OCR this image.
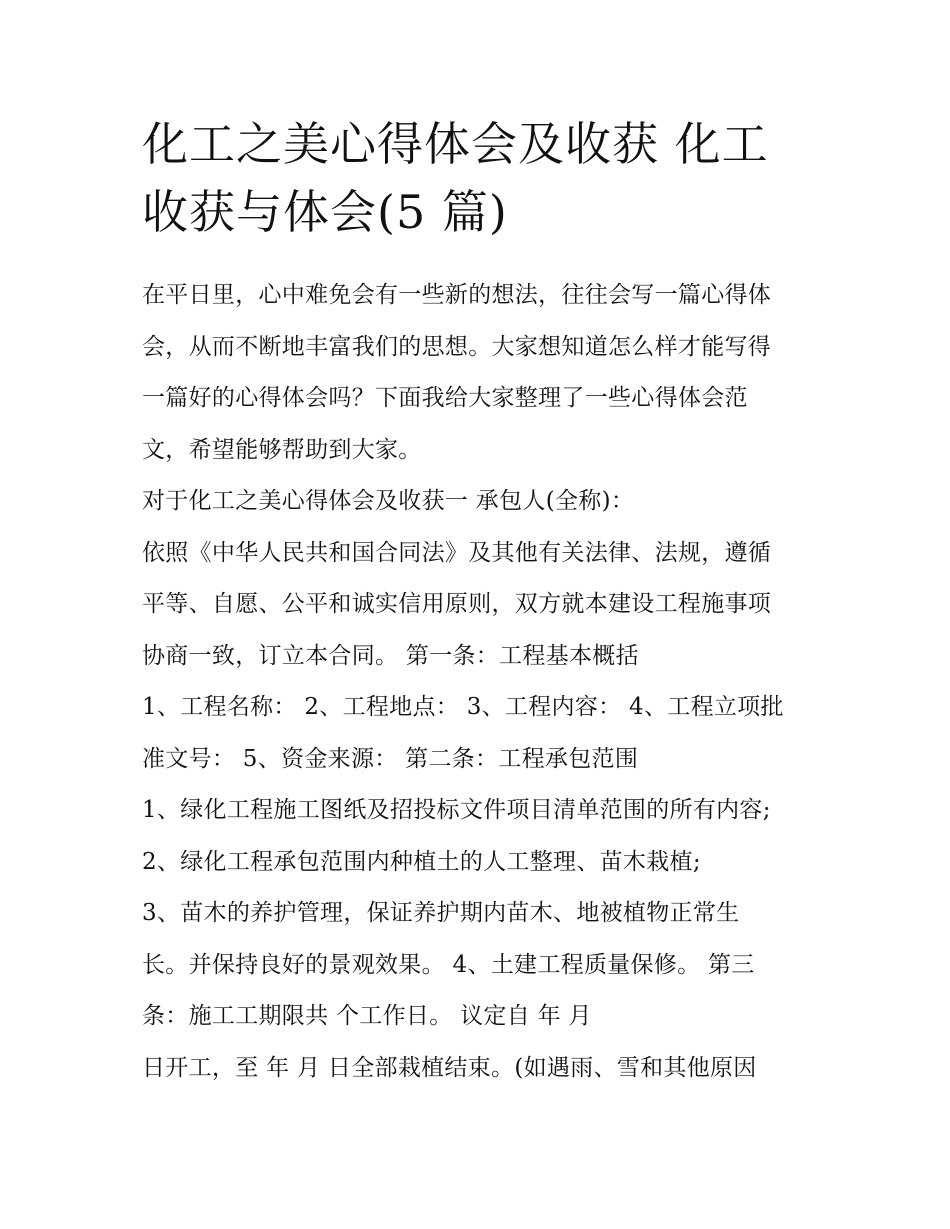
化工之美心得体会及收获 化工
收获与体会(5 篇)
在平日里，心中难免会有一些新的想法，往往会写一篇心得体
会，从而不断地丰富我们的思想。大家想知道怎么样才能写得
一篇好的心得体会吗？下面我给大家整理了一些心得体会范
文，希望能够帮助到大家。
对于化工之美心得体会及收获一 承包人(全称)：
依照《中华人民共和国合同法》及其他有关法律、法规，遵循
平等、自愿、公平和诚实信用原则，双方就本建设工程施事项
协商一致，订立本合同。 第一条：工程基本概括
1、工程名称： 2、工程地点： 3、工程内容： 4、工程立项批
准文号： 5、资金来源： 第二条：工程承包范围
1、绿化工程施工图纸及招投标文件项目清单范围的所有内容;
2、绿化工程承包范围内种植土的人工整理、苗木栽植;
3、苗木的养护管理，保证养护期内苗木、地被植物正常生
长。并保持良好的景观效果。 4、土建工程质量保修。 第三
条：施工工期限共 个工作日。 议定自 年 月
日开工，至 年 月 日全部栽植结束。(如遇雨、雪和其他原因
